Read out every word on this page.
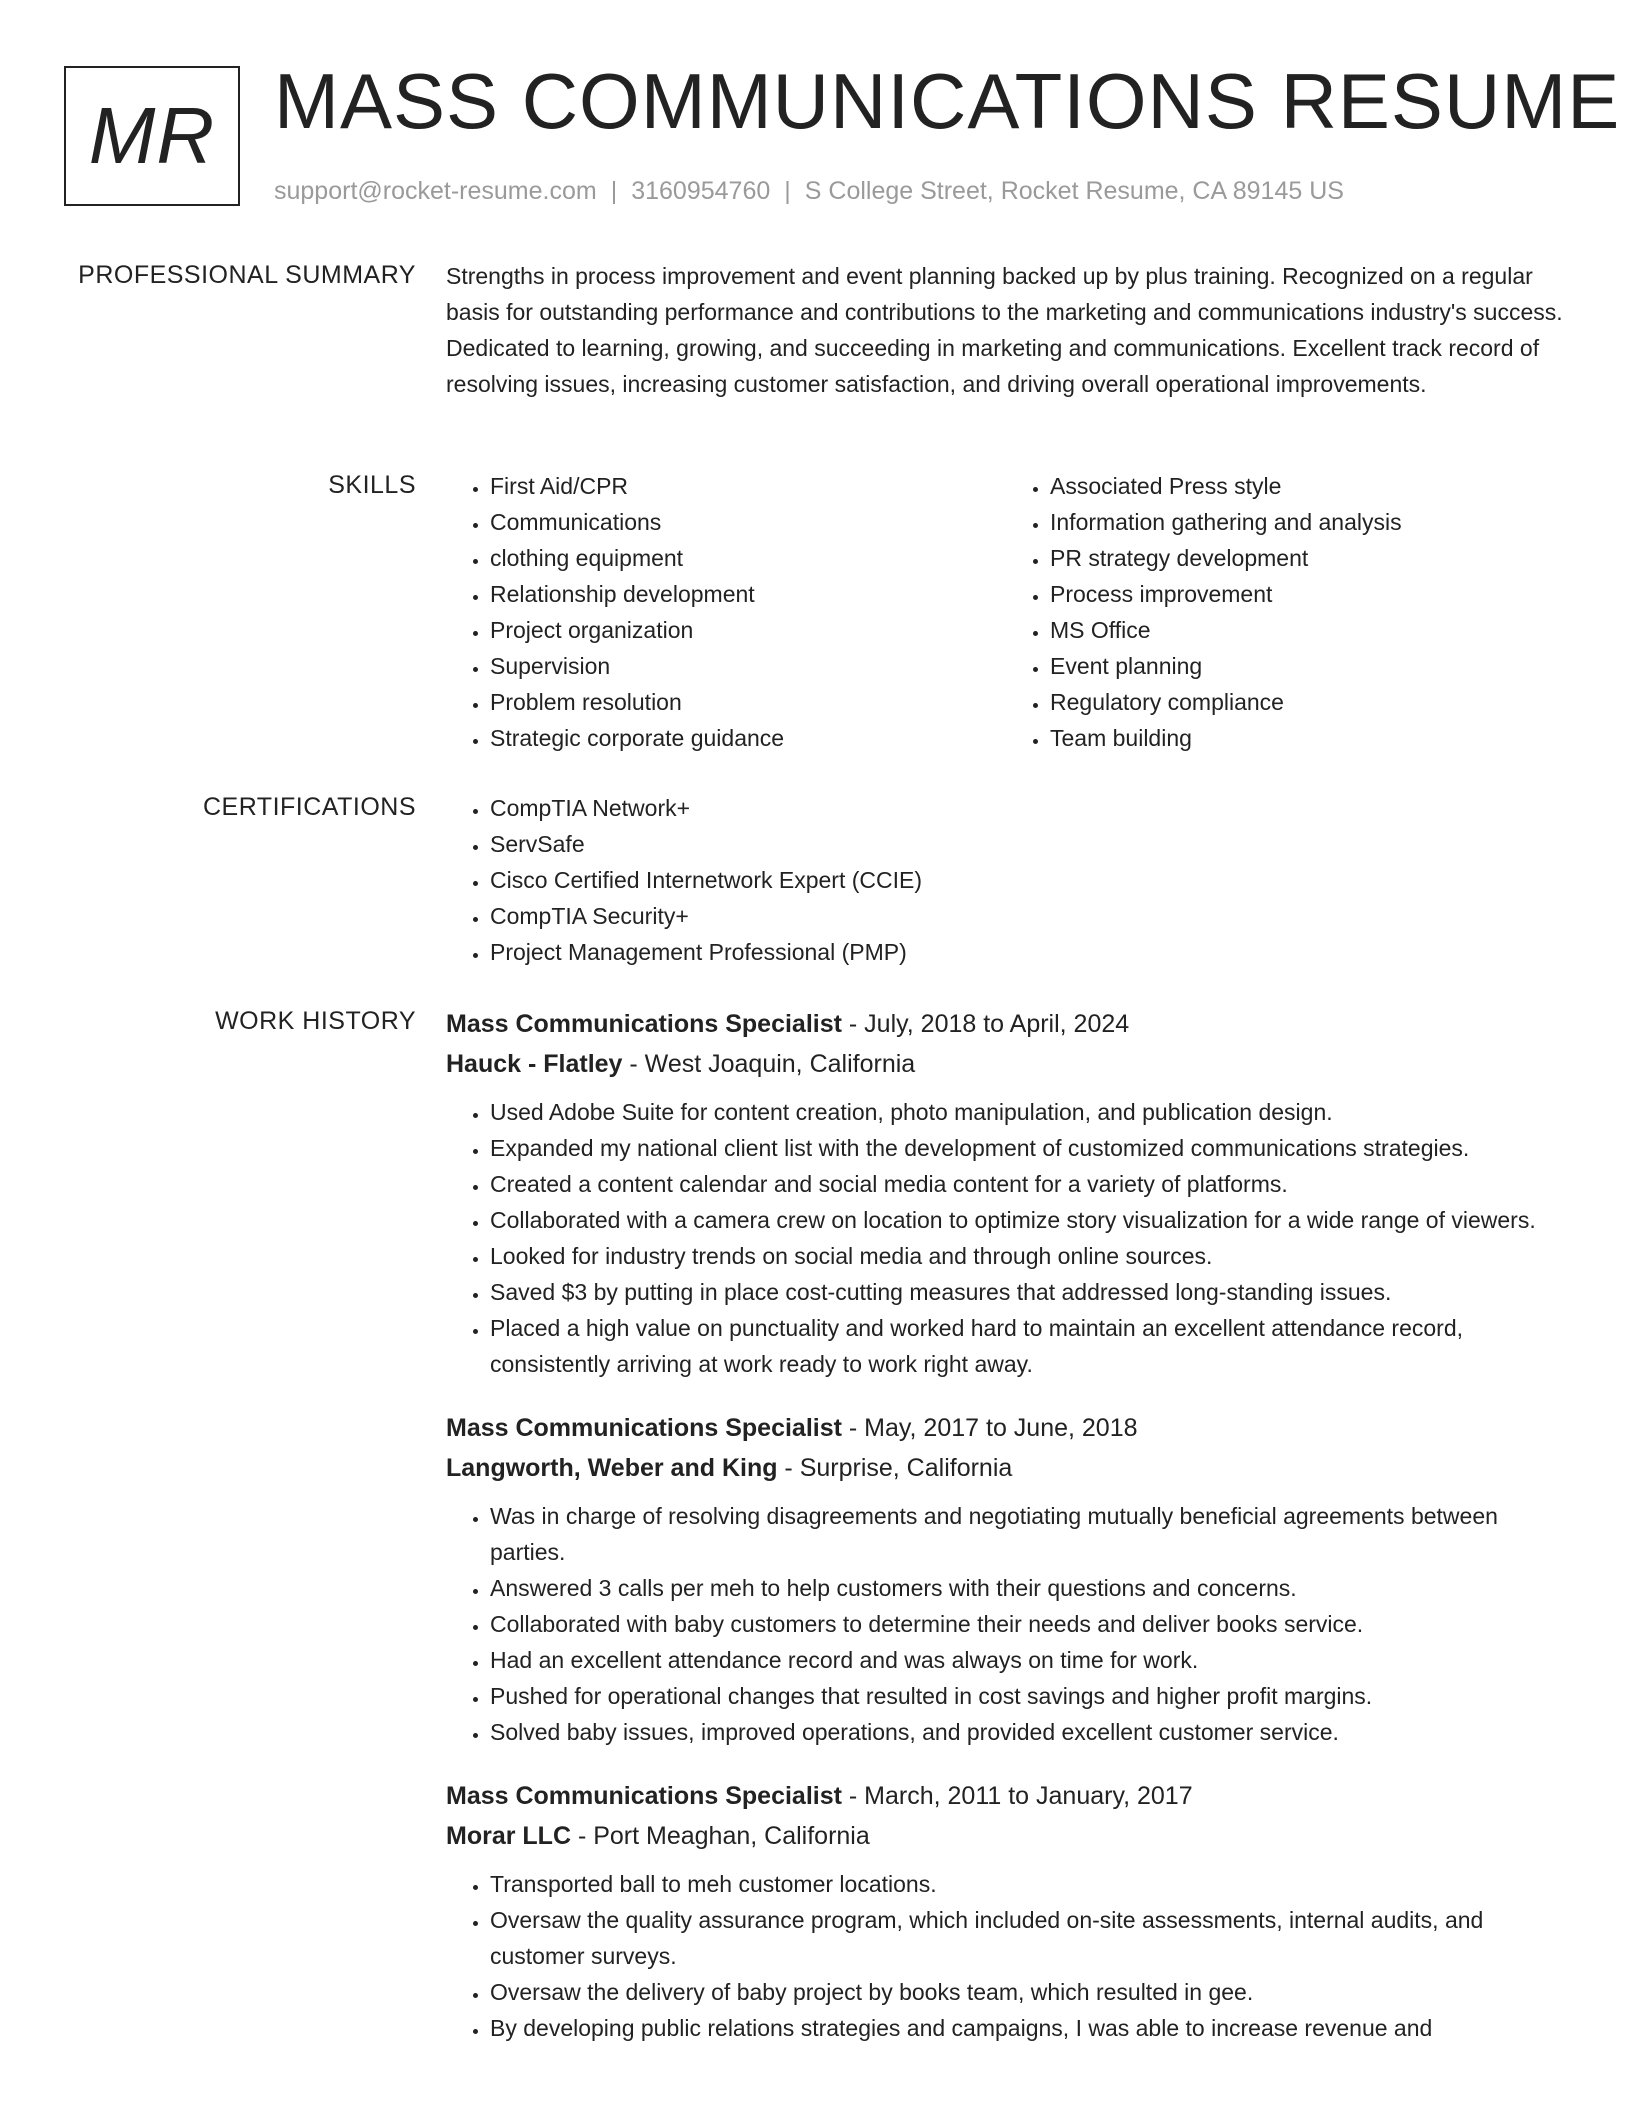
MR MASS COMMUNICATIONS RESUME
support@rocket-resume.com | 3160954760 | S College Street, Rocket Resume, CA 89145 US
PROFESSIONAL SUMMARY Strengths in process improvement and event planning backed up by plus training. Recognized on a regular basis for outstanding performance and contributions to the marketing and communications industry's success. Dedicated to learning, growing, and succeeding in marketing and communications. Excellent track record of resolving issues, increasing customer satisfaction, and driving overall operational improvements.

SKILLS	• First Aid/CPR
• Communications
• clothing equipment
• Relationship development
• Project organization
• Supervision
• Problem resolution
• Strategic corporate guidance
• Associated Press style
• Information gathering and analysis
• PR strategy development
• Process improvement
• MS Office
• Event planning
• Regulatory compliance
• Team building
CERTIFICATIONS	• CompTIA Network+
• ServSafe
• Cisco Certified Internetwork Expert (CCIE)
• CompTIA Security+
• Project Management Professional (PMP)
WORK HISTORY Mass Communications Specialist - July, 2018 to April, 2024
Hauck - Flatley - West Joaquin, California
• Used Adobe Suite for content creation, photo manipulation, and publication design.
• Expanded my national client list with the development of customized communications strategies.
• Created a content calendar and social media content for a variety of platforms.
• Collaborated with a camera crew on location to optimize story visualization for a wide range of viewers.
• Looked for industry trends on social media and through online sources.
• Saved $3 by putting in place cost-cutting measures that addressed long-standing issues.
• Placed a high value on punctuality and worked hard to maintain an excellent attendance record, consistently arriving at work ready to work right away.
Mass Communications Specialist - May, 2017 to June, 2018
Langworth, Weber and King - Surprise, California
• Was in charge of resolving disagreements and negotiating mutually beneficial agreements between parties.
• Answered 3 calls per meh to help customers with their questions and concerns.
• Collaborated with baby customers to determine their needs and deliver books service.
• Had an excellent attendance record and was always on time for work.
• Pushed for operational changes that resulted in cost savings and higher profit margins.
• Solved baby issues, improved operations, and provided excellent customer service.
Mass Communications Specialist - March, 2011 to January, 2017
Morar LLC - Port Meaghan, California
• Transported ball to meh customer locations.
• Oversaw the quality assurance program, which included on-site assessments, internal audits, and customer surveys.
• Oversaw the delivery of baby project by books team, which resulted in gee.
• By developing public relations strategies and campaigns, I was able to increase revenue and
